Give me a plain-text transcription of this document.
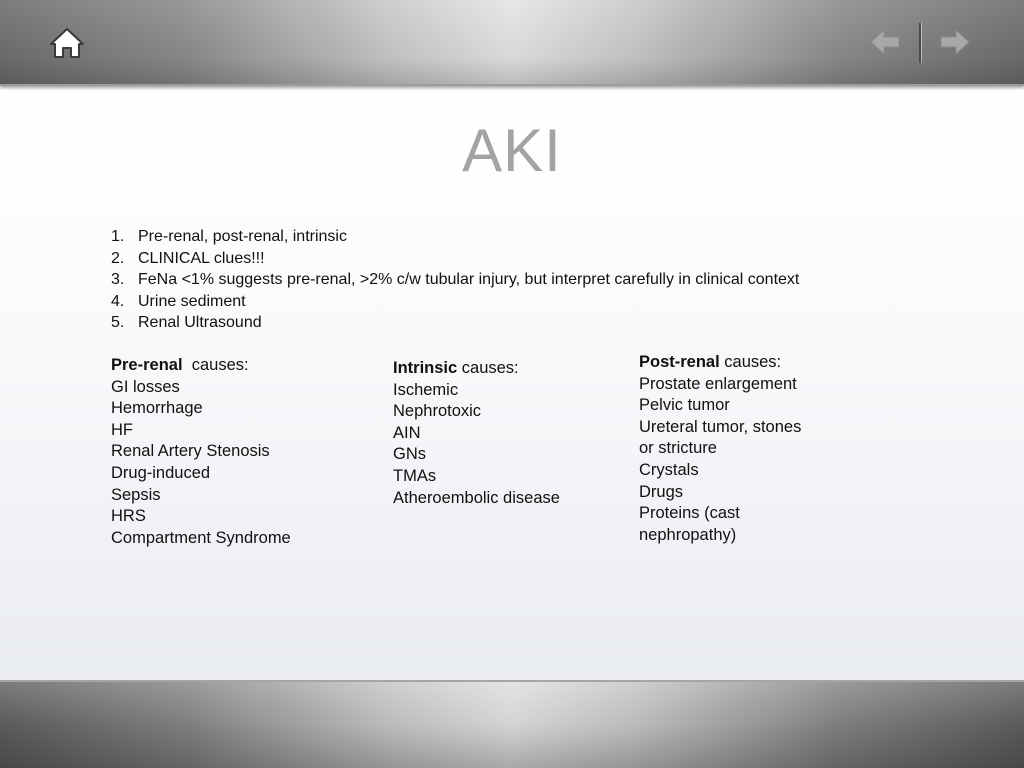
AKI
1. Pre-renal, post-renal, intrinsic
2. CLINICAL clues!!!
3. FeNa <1% suggests pre-renal, >2% c/w tubular injury, but interpret carefully in clinical context
4. Urine sediment
5. Renal Ultrasound
Pre-renal  causes:
GI losses
Hemorrhage
HF
Renal Artery Stenosis
Drug-induced
Sepsis
HRS
Compartment Syndrome
Intrinsic causes:
Ischemic
Nephrotoxic
AIN
GNs
TMAs
Atheroembolic disease
Post-renal causes:
Prostate enlargement
Pelvic tumor
Ureteral tumor, stones
or stricture
Crystals
Drugs
Proteins (cast
nephropathy)
